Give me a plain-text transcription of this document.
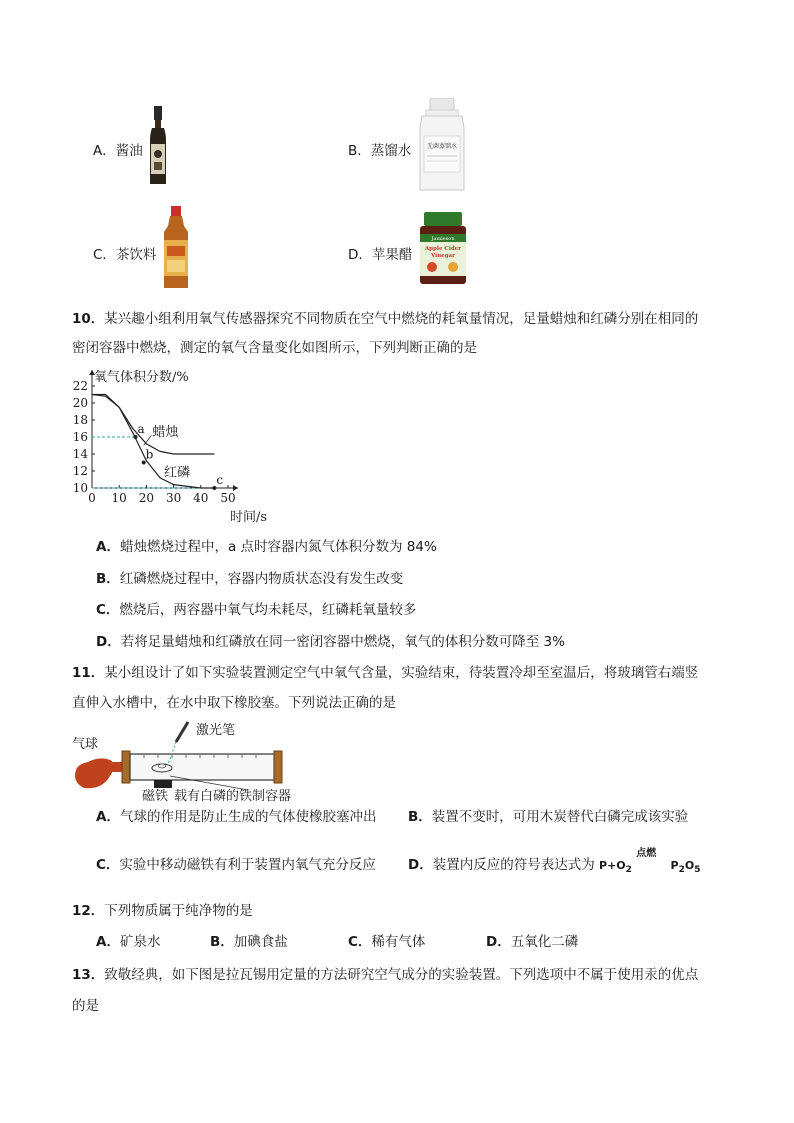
A．酱油	B．蒸馏水	无菌蒸馏水
C．茶饮料	D．苹果醋
Jamieson
Apple Cider
Vinegar
10．某兴趣小组利用氧气传感器探究不同物质在空气中燃烧的耗氧量情况，足量蜡烛和红磷分别在相同的
密闭容器中燃烧，测定的氧气含量变化如图所示，下列判断正确的是
0 10 20 30 40 50
10
12
14
16
18
20
22
蜡烛
红磷
a
b
c
氧气体积分数/%
时间/s
A．蜡烛燃烧过程中，a 点时容器内氮气体积分数为 84%
B．红磷燃烧过程中，容器内物质状态没有发生改变
C．燃烧后，两容器中氧气均未耗尽，红磷耗氧量较多
D．若将足量蜡烛和红磷放在同一密闭容器中燃烧，氧气的体积分数可降至 3%
11．某小组设计了如下实验装置测定空气中氧气含量，实验结束，待装置冷却至室温后，将玻璃管右端竖
直伸入水槽中，在水中取下橡胶塞。下列说法正确的是
激光笔
气球
磁铁 载有白磷的铁制容器
A．气球的作用是防止生成的气体使橡胶塞冲出 B．装置不变时，可用木炭替代白磷完成该实验
C．实验中移动磁铁有利于装置内氧气充分反应 D．装置内反应的符号表达式为 $P+O_2$
点燃
$P_2O_5$
12．下列物质属于纯净物的是
A．矿泉水	B．加碘食盐	C．稀有气体	D．五氧化二磷
13．致敬经典，如下图是拉瓦锡用定量的方法研究空气成分的实验装置。下列选项中不属于使用汞的优点
的是
